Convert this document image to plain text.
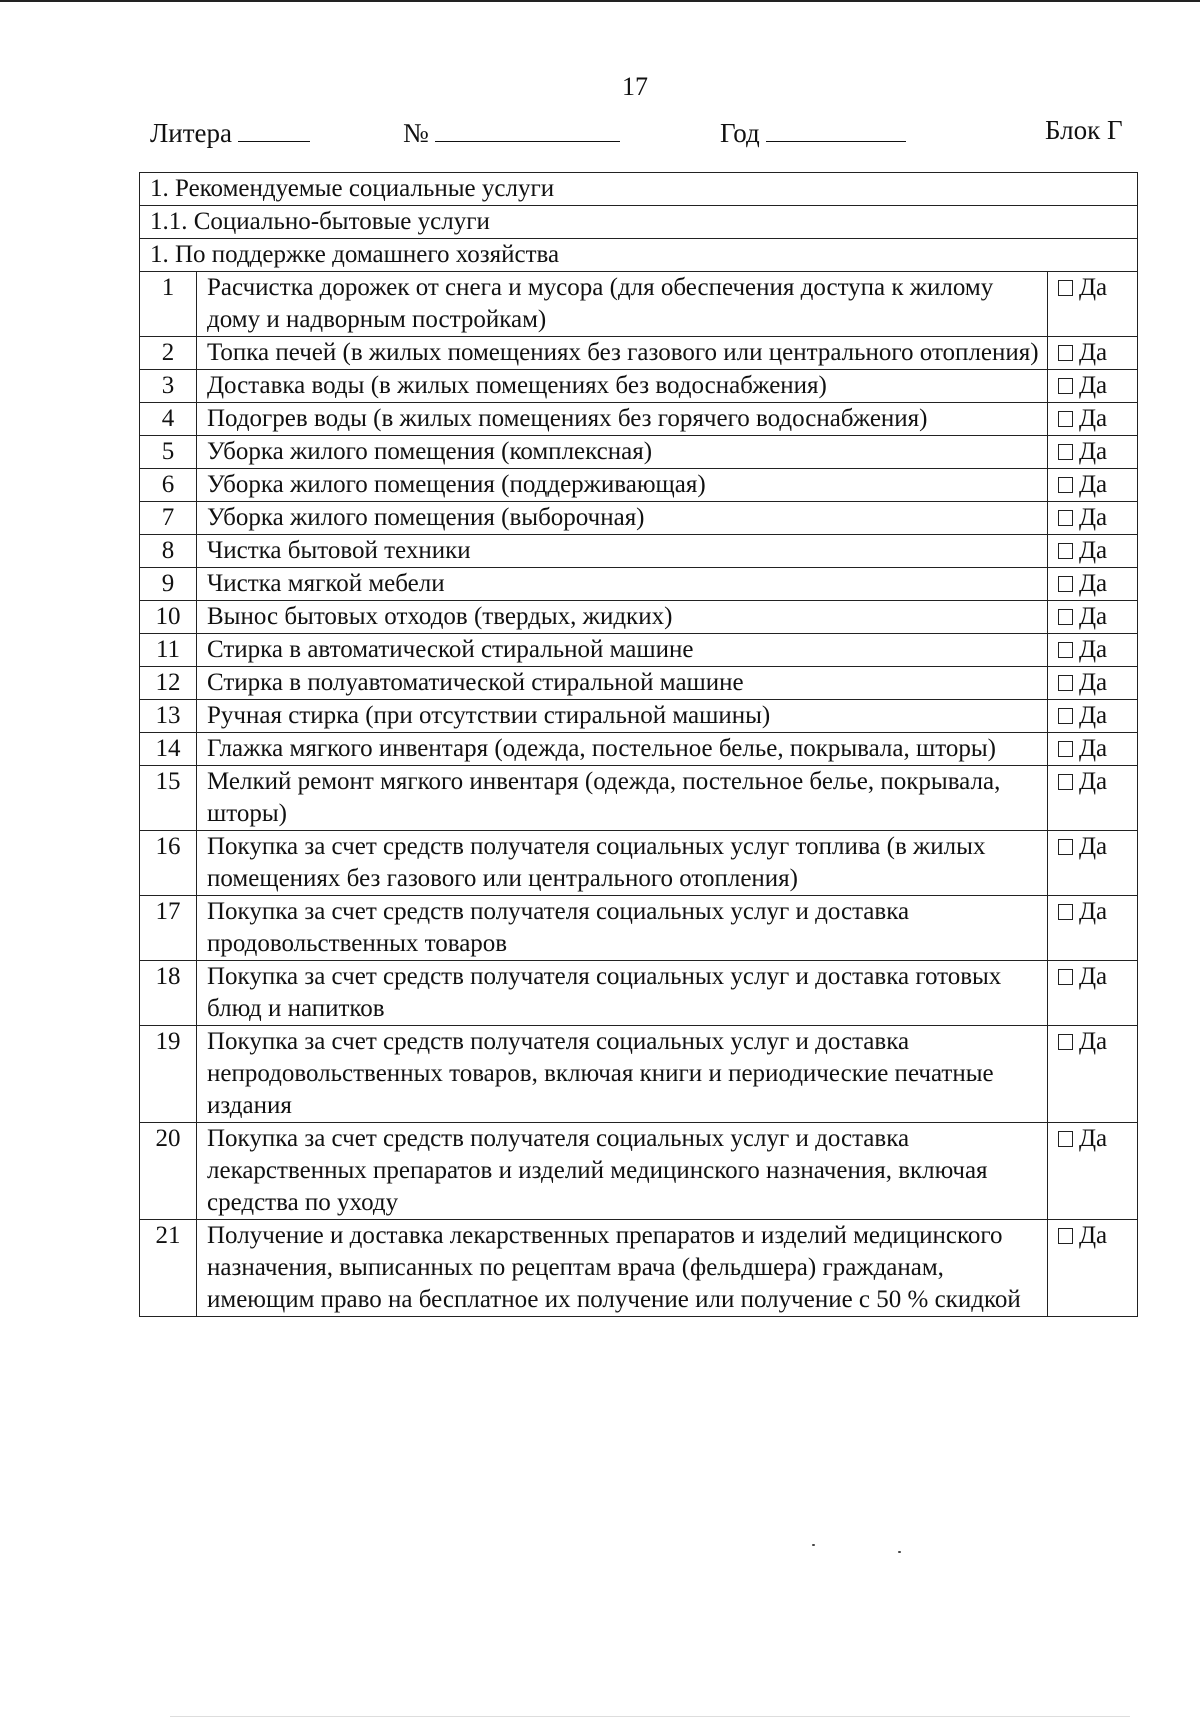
17
Литера	№	Год	Блок Г
1. Рекомендуемые социальные услуги		
1.1. Социально-бытовые услуги		
1. По поддержке домашнего хозяйства		
1	Расчистка дорожек от снега и мусора (для обеспечения доступа к жилому дому и надворным постройкам)	Да
2	Топка печей (в жилых помещениях без газового или центрального отопления)	Да
3	Доставка воды (в жилых помещениях без водоснабжения)	Да
4	Подогрев воды (в жилых помещениях без горячего водоснабжения)	Да
5	Уборка жилого помещения (комплексная)	Да
6	Уборка жилого помещения (поддерживающая)	Да
7	Уборка жилого помещения (выборочная)	Да
8	Чистка бытовой техники	Да
9	Чистка мягкой мебели	Да
10	Вынос бытовых отходов (твердых, жидких)	Да
11	Стирка в автоматической стиральной машине	Да
12	Стирка в полуавтоматической стиральной машине	Да
13	Ручная стирка (при отсутствии стиральной машины)	Да
14	Глажка мягкого инвентаря (одежда, постельное белье, покрывала, шторы)	Да
15	Мелкий ремонт мягкого инвентаря (одежда, постельное белье, покрывала, шторы)	Да
16	Покупка за счет средств получателя социальных услуг топлива (в жилых помещениях без газового или центрального отопления)	Да
17	Покупка за счет средств получателя социальных услуг и доставка продовольственных товаров	Да
18	Покупка за счет средств получателя социальных услуг и доставка готовых блюд и напитков	Да
19	Покупка за счет средств получателя социальных услуг и доставка непродовольственных товаров, включая книги и периодические печатные издания	Да
20	Покупка за счет средств получателя социальных услуг и доставка лекарственных препаратов и изделий медицинского назначения, включая средства по уходу	Да
21	Получение и доставка лекарственных препаратов и изделий медицинского назначения, выписанных по рецептам врача (фельдшера) гражданам, имеющим право на бесплатное их получение или получение с 50 % скидкой	Да
